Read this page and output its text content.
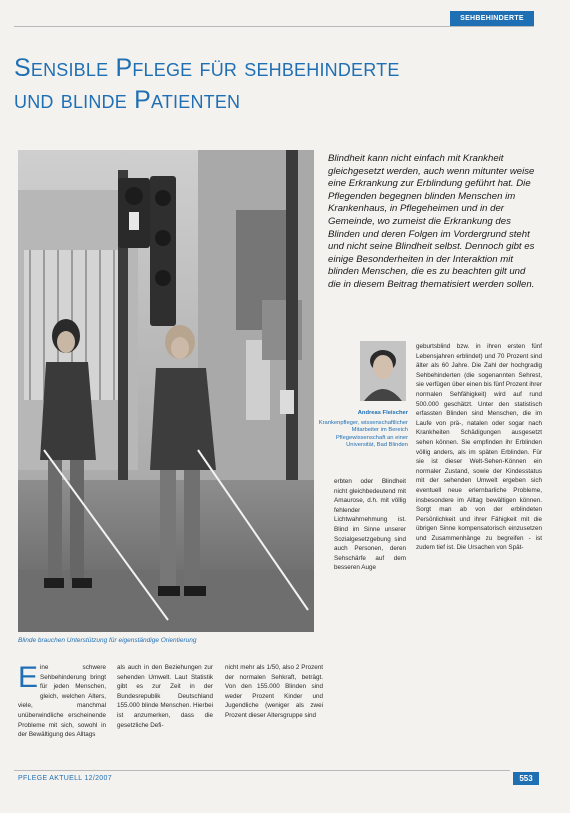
SEHBEHINDERTE
Sensible Pflege für sehbehinderte
und blinde Patienten

Blinde brauchen Unterstützung für eigenständige Orientierung

Blindheit kann nicht einfach mit Krankheit gleichgesetzt werden, auch wenn mitunter weise eine Erkrankung zur Erblindung geführt hat. Die Pflegenden begegnen blinden Menschen im Krankenhaus, in Pflegeheimen und in der Gemeinde, wo zumeist die Erkrankung des Blinden und deren Folgen im Vordergrund steht und nicht seine Blindheit selbst. Dennoch gibt es einige Besonderheiten in der Interaktion mit blinden Menschen, die es zu beachten gilt und die in diesem Beitrag thematisiert werden sollen.

Andreas Fleischer

Krankenpfleger, wissenschaftlicher Mitarbeiter im Bereich Pflegewissenschaft an einer Universität, Bad Blinden

Eine schwere Sehbehinderung bringt für jeden Menschen, gleich, welchen Alters, viele, manchmal unüberwindliche erscheinende Probleme mit sich, sowohl in der Bewältigung des Alltags

als auch in den Beziehungen zur sehenden Umwelt. Laut Statistik gibt es zur Zeit in der Bundesrepublik Deutschland 155.000 blinde Menschen. Hierbei ist anzumerken, dass die gesetzliche Defi-

nicht mehr als 1/50, also 2 Prozent der normalen Sehkraft, beträgt. Von den 155.000 Blinden sind weder Prozent Kinder und Jugendliche (weniger als zwei Prozent dieser Altersgruppe sind

erbten oder Blindheit nicht gleichbedeutend mit Amaurose, d.h. mit völlig fehlender Lichtwahrnehmung ist. Blind im Sinne unserer Sozialgesetzgebung sind auch Personen, deren Sehschärfe auf dem besseren Auge

geburtsblind bzw. in ihren ersten fünf Lebensjahren erblindet) und 70 Prozent sind älter als 60 Jahre. Die Zahl der hochgradig Sehbehinderten (die sogenannten Sehrest, sie verfügen über einen bis fünf Prozent ihrer normalen Sehfähigkeit) wird auf rund 500.000 geschätzt. Unter den statistisch erfassten Blinden sind Menschen, die im Laufe von prä-, natalen oder sogar nach Krankheiten Schädigungen ausgesetzt sehen können. Sie empfinden ihr Erblinden völlig anders, als im späten Erblinden. Für sie ist dieser Welt-Sehen-Können ein normaler Zustand, sowie der Kindesstatus mit der sehenden Umwelt ergeben sich eventuell neue erlernbarliche Probleme, insbesondere im Alltag bewältigen können. Sorgt man ab von der erblindeten Persönlichkeit und ihrer Fähigkeit mit die übrigen Sinne kompensatorisch einzusetzen und Zusammenhänge zu begreifen - ist zudem tief ist. Die Ursachen von Spät-

PFLEGE AKTUELL 12/2007	553
